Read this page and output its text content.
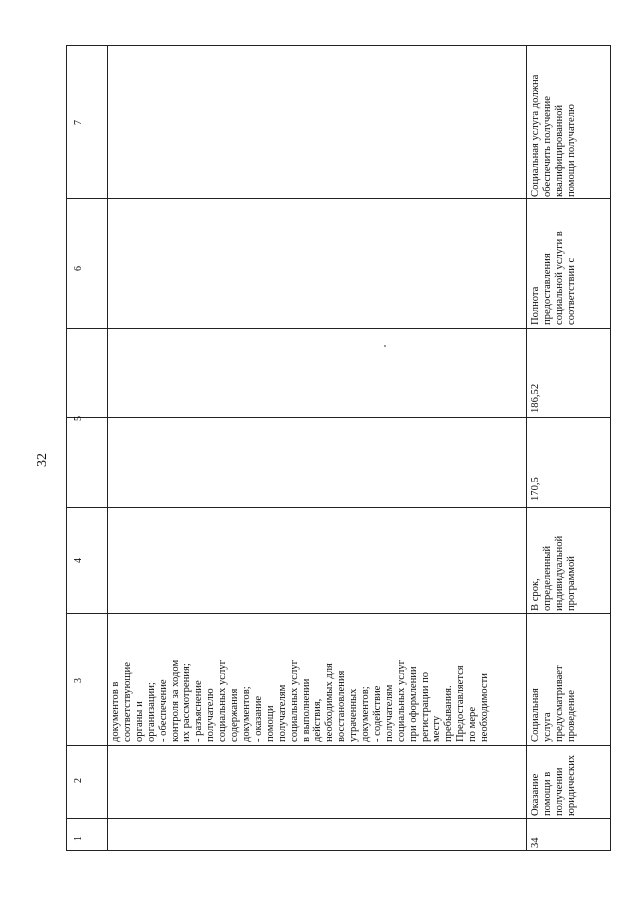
32
1
2
3
4
5
6
7
документов в соответствующие органы и организации; - обеспечение контроля за ходом их рассмотрения; - разъяснение получателю социальных услуг содержания документов; - оказание помощи получателям социальных услуг в выполнении действия, необходимых для восстановления утраченных документов; - содействие получателям социальных услуг при оформлении регистрации по месту пребывания. Предоставляется по мере необходимости
34
Оказание помощи в получении юридических
Социальная услуга предусматривает проведение
В срок, определенный индивидуальной программой
170,5
186,52
Полнота предоставления социальной услуги в соответствии с
Социальная услуга должна обеспечить получение квалифицированной помощи получателю
